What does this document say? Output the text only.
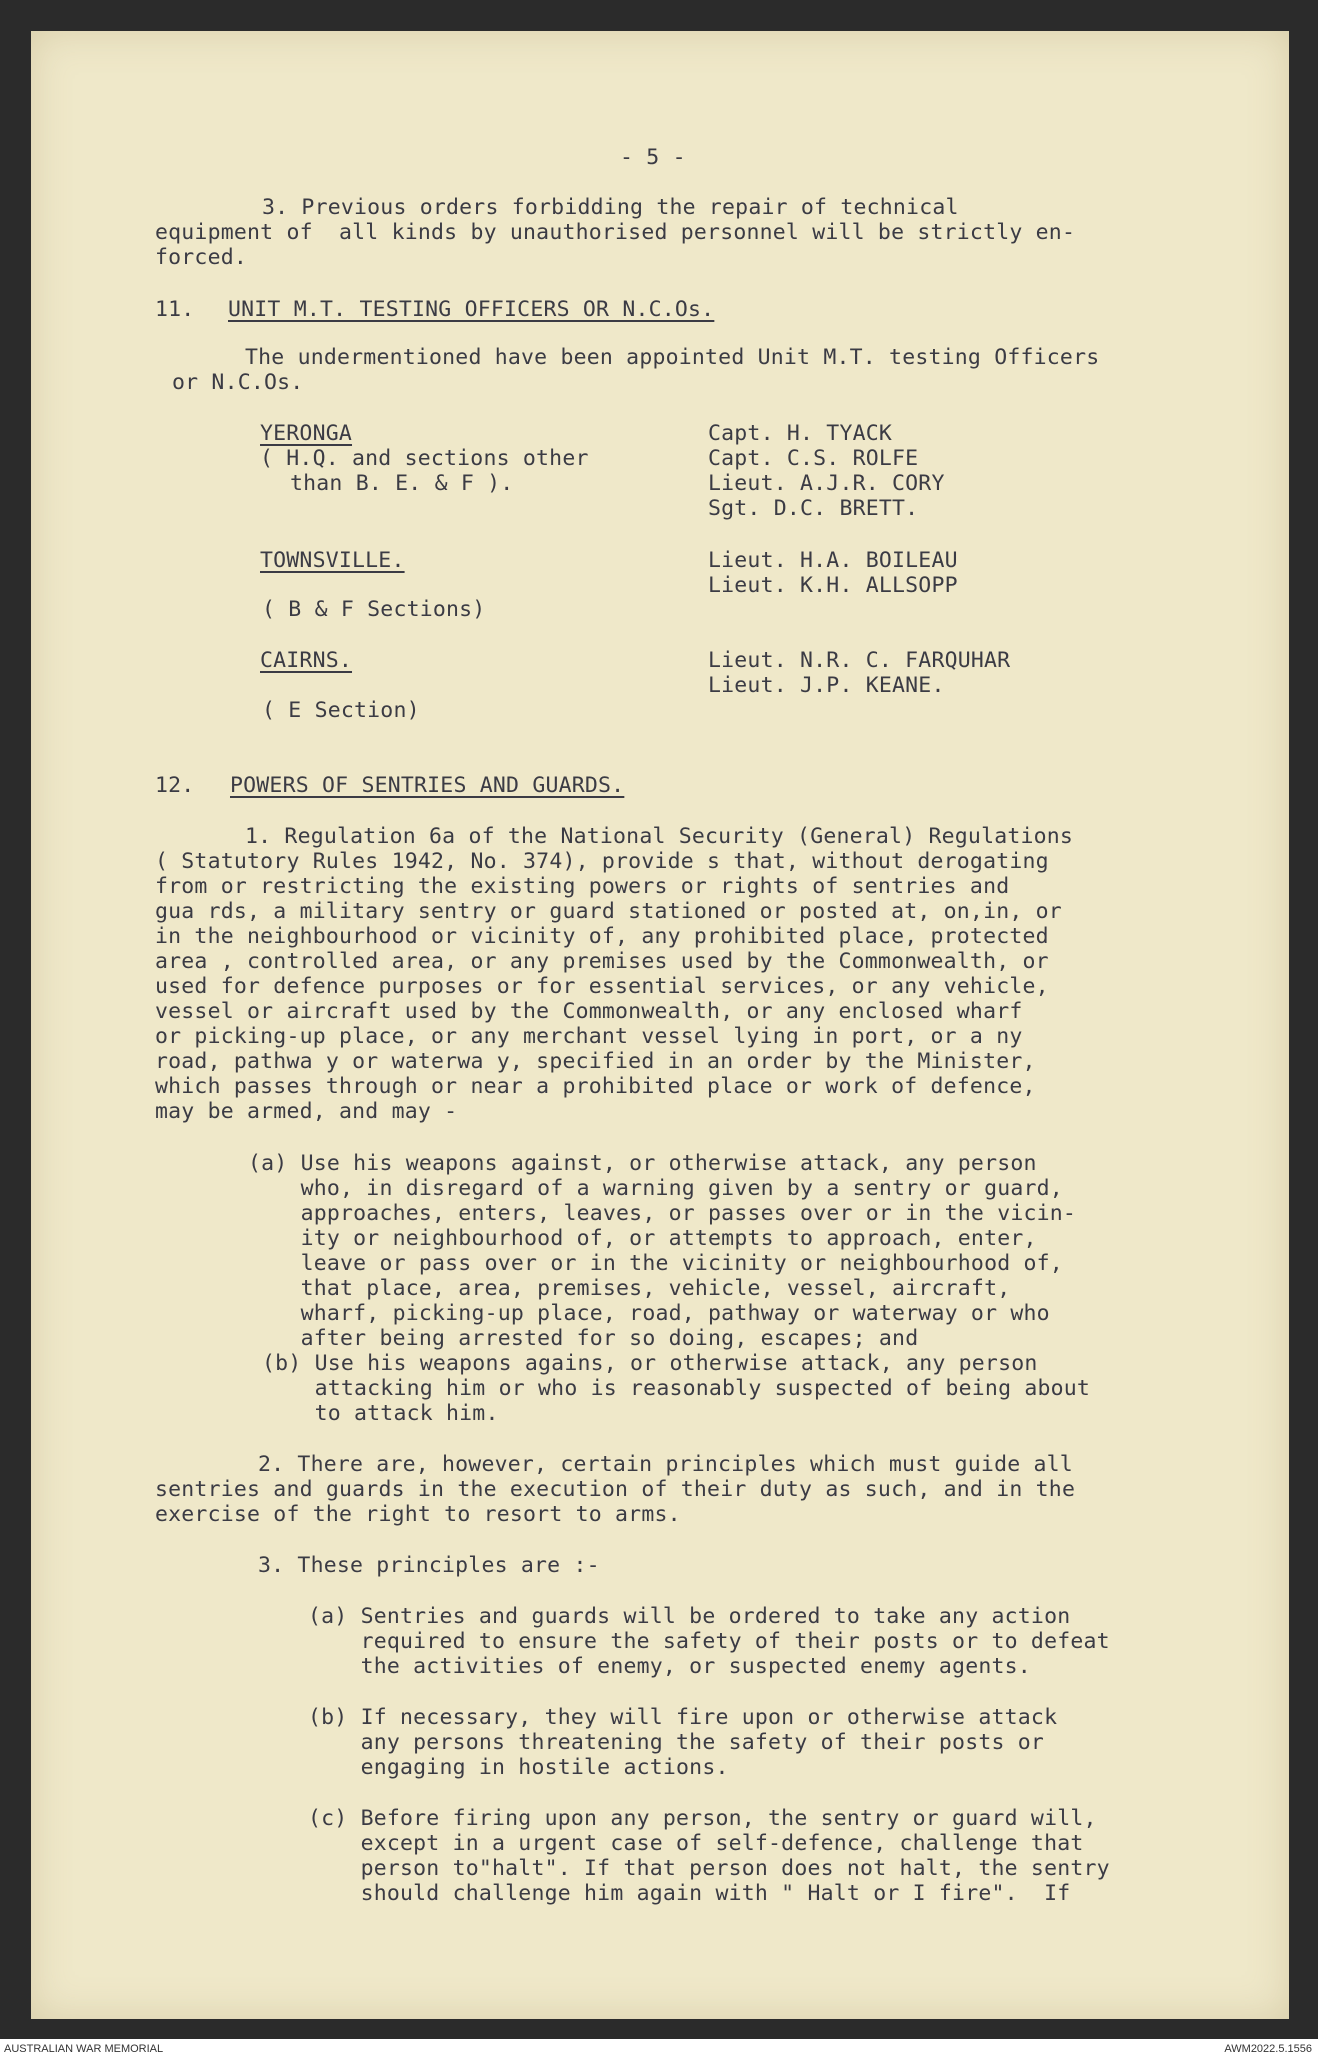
- 5 -
3. Previous orders forbidding the repair of technical
equipment of  all kinds by unauthorised personnel will be strictly en-
forced.
11. UNIT M.T. TESTING OFFICERS OR N.C.Os.
The undermentioned have been appointed Unit M.T. testing Officers
or N.C.Os.
YERONGA
( H.Q. and sections other
than B. E. & F ).
Capt. H. TYACK
Capt. C.S. ROLFE
Lieut. A.J.R. CORY
Sgt. D.C. BRETT.
TOWNSVILLE.
( B & F Sections)
Lieut. H.A. BOILEAU
Lieut. K.H. ALLSOPP
CAIRNS.
( E Section)
Lieut. N.R. C. FARQUHAR
Lieut. J.P. KEANE.
12. POWERS OF SENTRIES AND GUARDS.
1. Regulation 6a of the National Security (General) Regulations
( Statutory Rules 1942, No. 374), provide s that, without derogating
from or restricting the existing powers or rights of sentries and
gua rds, a military sentry or guard stationed or posted at, on,in, or
in the neighbourhood or vicinity of, any prohibited place, protected
area , controlled area, or any premises used by the Commonwealth, or
used for defence purposes or for essential services, or any vehicle,
vessel or aircraft used by the Commonwealth, or any enclosed wharf
or picking-up place, or any merchant vessel lying in port, or a ny
road, pathwa y or waterwa y, specified in an order by the Minister,
which passes through or near a prohibited place or work of defence,
may be armed, and may -
(a) Use his weapons against, or otherwise attack, any person
who, in disregard of a warning given by a sentry or guard,
approaches, enters, leaves, or passes over or in the vicin-
ity or neighbourhood of, or attempts to approach, enter,
leave or pass over or in the vicinity or neighbourhood of,
that place, area, premises, vehicle, vessel, aircraft,
wharf, picking-up place, road, pathway or waterway or who
after being arrested for so doing, escapes; and
(b) Use his weapons agains, or otherwise attack, any person
attacking him or who is reasonably suspected of being about
to attack him.
2. There are, however, certain principles which must guide all
sentries and guards in the execution of their duty as such, and in the
exercise of the right to resort to arms.
3. These principles are :-
(a) Sentries and guards will be ordered to take any action
required to ensure the safety of their posts or to defeat
the activities of enemy, or suspected enemy agents.
(b) If necessary, they will fire upon or otherwise attack
any persons threatening the safety of their posts or
engaging in hostile actions.
(c) Before firing upon any person, the sentry or guard will,
except in a urgent case of self-defence, challenge that
person to"halt". If that person does not halt, the sentry
should challenge him again with " Halt or I fire".  If
AUSTRALIAN WAR MEMORIAL	AWM2022.5.1556
